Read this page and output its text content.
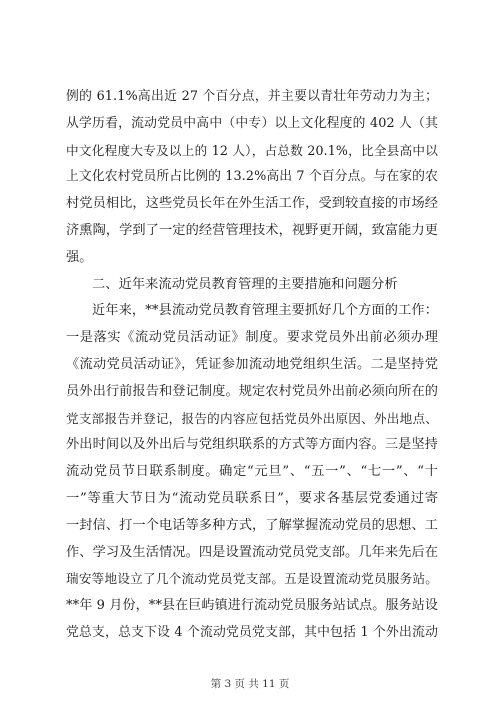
例的 61.1%高出近 27 个百分点，并主要以青壮年劳动力为主；
从学历看，流动党员中高中（中专）以上文化程度的 402 人（其
中文化程度大专及以上的 12 人），占总数 20.1%，比全县高中以
上文化农村党员所占比例的 13.2%高出 7 个百分点。与在家的农
村党员相比，这些党员长年在外生活工作，受到较直接的市场经
济熏陶，学到了一定的经营管理技术，视野更开阔，致富能力更
强。
二、近年来流动党员教育管理的主要措施和问题分析
近年来，**县流动党员教育管理主要抓好几个方面的工作：
一是落实《流动党员活动证》制度。要求党员外出前必须办理
《流动党员活动证》，凭证参加流动地党组织生活。二是坚持党
员外出行前报告和登记制度。规定农村党员外出前必须向所在的
党支部报告并登记，报告的内容应包括党员外出原因、外出地点、
外出时间以及外出后与党组织联系的方式等方面内容。三是坚持
流动党员节日联系制度。确定“元旦”、“五一”、“七一”、“十
一”等重大节日为“流动党员联系日”，要求各基层党委通过寄
一封信、打一个电话等多种方式，了解掌握流动党员的思想、工
作、学习及生活情况。四是设置流动党员党支部。几年来先后在
瑞安等地设立了几个流动党员党支部。五是设置流动党员服务站。
**年 9 月份，**县在巨屿镇进行流动党员服务站试点。服务站设
党总支，总支下设 4 个流动党员党支部，其中包括 1 个外出流动
第 3 页 共 11 页
